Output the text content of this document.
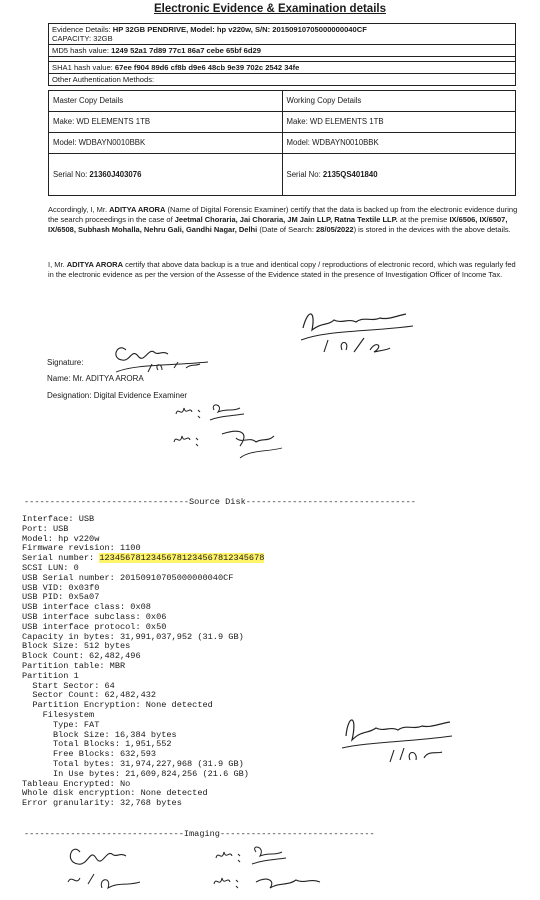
Electronic Evidence & Examination details
Evidence Details: HP 32GB PENDRIVE, Model: hp v220w, S/N: 20150910705000000040CF
CAPACITY: 32GB
MD5 hash value: 1249 52a1 7d89 77c1 86a7 cebe 65bf 6d29
SHA1 hash value: 67ee f904 89d6 cf8b d9e6 48cb 9e39 702c 2542 34fe
Other Authentication Methods:
Master Copy Details
Make: WD ELEMENTS 1TB
Model: WDBAYN0010BBK
Serial No: 21360J403076
Working Copy Details
Make: WD ELEMENTS 1TB
Model: WDBAYN0010BBK
Serial No: 2135QS401840
Accordingly, I, Mr. ADITYA ARORA (Name of Digital Forensic Examiner) certify that the data is backed up from the electronic evidence during the search proceedings in the case of Jeetmal Choraria, Jai Choraria, JM Jain LLP, Ratna Textile LLP. at the premise IX/6506, IX/6507, IX/6508, Subhash Mohalla, Nehru Gali, Gandhi Nagar, Delhi (Date of Search: 28/05/2022) is stored in the devices with the above details.
I, Mr. ADITYA ARORA certify that above data backup is a true and identical copy / reproductions of electronic record, which was regularly fed in the electronic evidence as per the version of the Assesse of the Evidence stated in the presence of Investigation Officer of Income Tax.
Signature:
Name: Mr. ADITYA ARORA
Designation: Digital Evidence Examiner
--------------------------------Source Disk---------------------------------
Interface: USB
Port: USB
Model: hp v220w
Firmware revision: 1100
Serial number: 12345678123456781234567812345678
SCSI LUN: 0
USB Serial number: 20150910705000000040CF
USB VID: 0x03f0
USB PID: 0x5a07
USB interface class: 0x08
USB interface subclass: 0x06
USB interface protocol: 0x50
Capacity in bytes: 31,991,037,952 (31.9 GB)
Block Size: 512 bytes
Block Count: 62,482,496
Partition table: MBR
Partition 1
Start Sector: 64
Sector Count: 62,482,432
Partition Encryption: None detected
Filesystem
Type: FAT
Block Size: 16,384 bytes
Total Blocks: 1,951,552
Free Blocks: 632,593
Total bytes: 31,974,227,968 (31.9 GB)
In Use bytes: 21,609,824,256 (21.6 GB)
Tableau Encrypted: No
Whole disk encryption: None detected
Error granularity: 32,768 bytes
-------------------------------Imaging------------------------------
